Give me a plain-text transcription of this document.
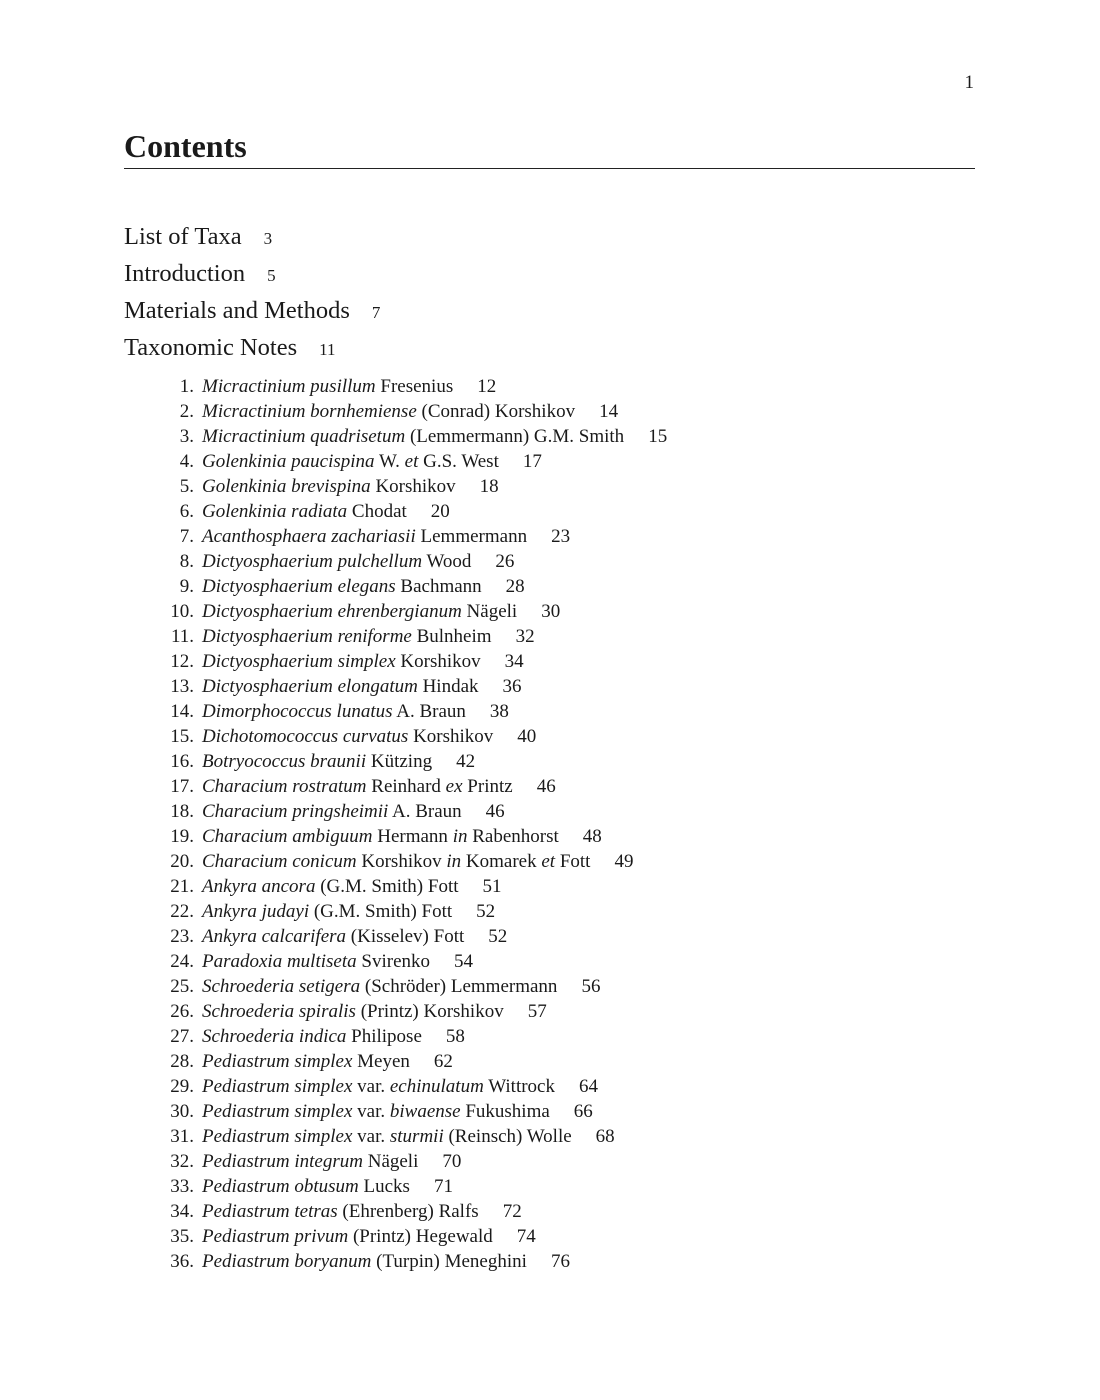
1
Contents
List of Taxa 3
Introduction 5
Materials and Methods 7
Taxonomic Notes 11
1. Micractinium pusillum Fresenius 12
2. Micractinium bornhemiense (Conrad) Korshikov 14
3. Micractinium quadrisetum (Lemmermann) G.M. Smith 15
4. Golenkinia paucispina W. et G.S. West 17
5. Golenkinia brevispina Korshikov 18
6. Golenkinia radiata Chodat 20
7. Acanthosphaera zachariasii Lemmermann 23
8. Dictyosphaerium pulchellum Wood 26
9. Dictyosphaerium elegans Bachmann 28
10. Dictyosphaerium ehrenbergianum Nägeli 30
11. Dictyosphaerium reniforme Bulnheim 32
12. Dictyosphaerium simplex Korshikov 34
13. Dictyosphaerium elongatum Hindak 36
14. Dimorphococcus lunatus A. Braun 38
15. Dichotomococcus curvatus Korshikov 40
16. Botryococcus braunii Kützing 42
17. Characium rostratum Reinhard ex Printz 46
18. Characium pringsheimii A. Braun 46
19. Characium ambiguum Hermann in Rabenhorst 48
20. Characium conicum Korshikov in Komarek et Fott 49
21. Ankyra ancora (G.M. Smith) Fott 51
22. Ankyra judayi (G.M. Smith) Fott 52
23. Ankyra calcarifera (Kisselev) Fott 52
24. Paradoxia multiseta Svirenko 54
25. Schroederia setigera (Schröder) Lemmermann 56
26. Schroederia spiralis (Printz) Korshikov 57
27. Schroederia indica Philipose 58
28. Pediastrum simplex Meyen 62
29. Pediastrum simplex var. echinulatum Wittrock 64
30. Pediastrum simplex var. biwaense Fukushima 66
31. Pediastrum simplex var. sturmii (Reinsch) Wolle 68
32. Pediastrum integrum Nägeli 70
33. Pediastrum obtusum Lucks 71
34. Pediastrum tetras (Ehrenberg) Ralfs 72
35. Pediastrum privum (Printz) Hegewald 74
36. Pediastrum boryanum (Turpin) Meneghini 76
